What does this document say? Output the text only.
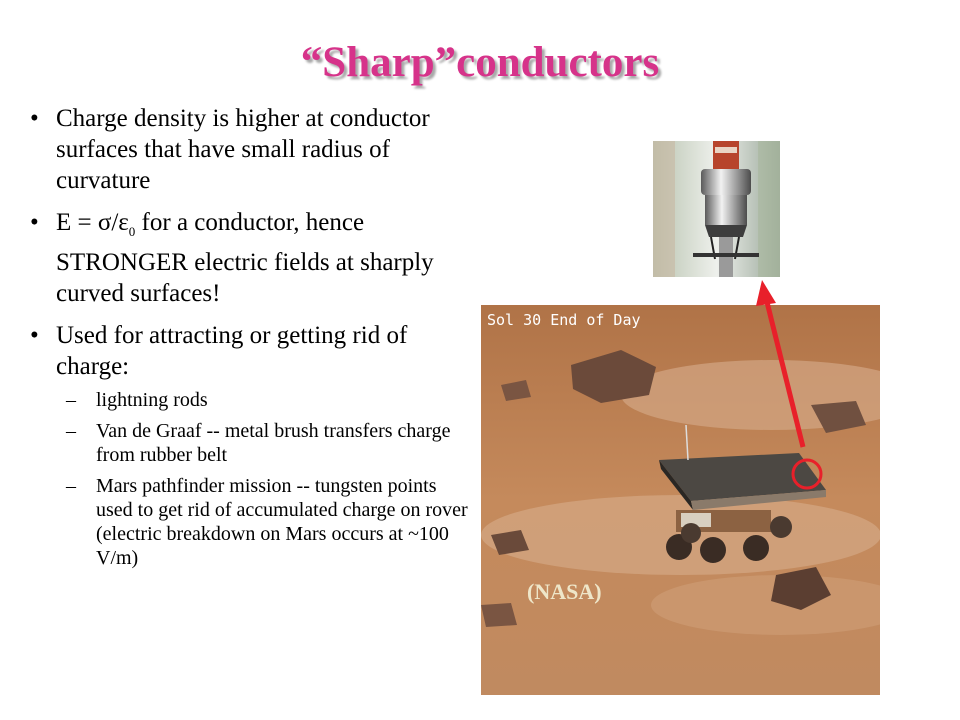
“Sharp”conductors
• Charge density is higher at conductor surfaces that have small radius of curvature
• $E = \sigma/\varepsilon_0$ for a conductor, hence STRONGER electric fields at sharply curved surfaces!
• Used for attracting or getting rid of charge:
– lightning rods
– Van de Graaf -- metal brush transfers charge from rubber belt
– Mars pathfinder mission -- tungsten points used to get rid of accumulated charge on rover (electric breakdown on Mars occurs at ~100 V/m)
Sol 30 End of Day
(NASA)
